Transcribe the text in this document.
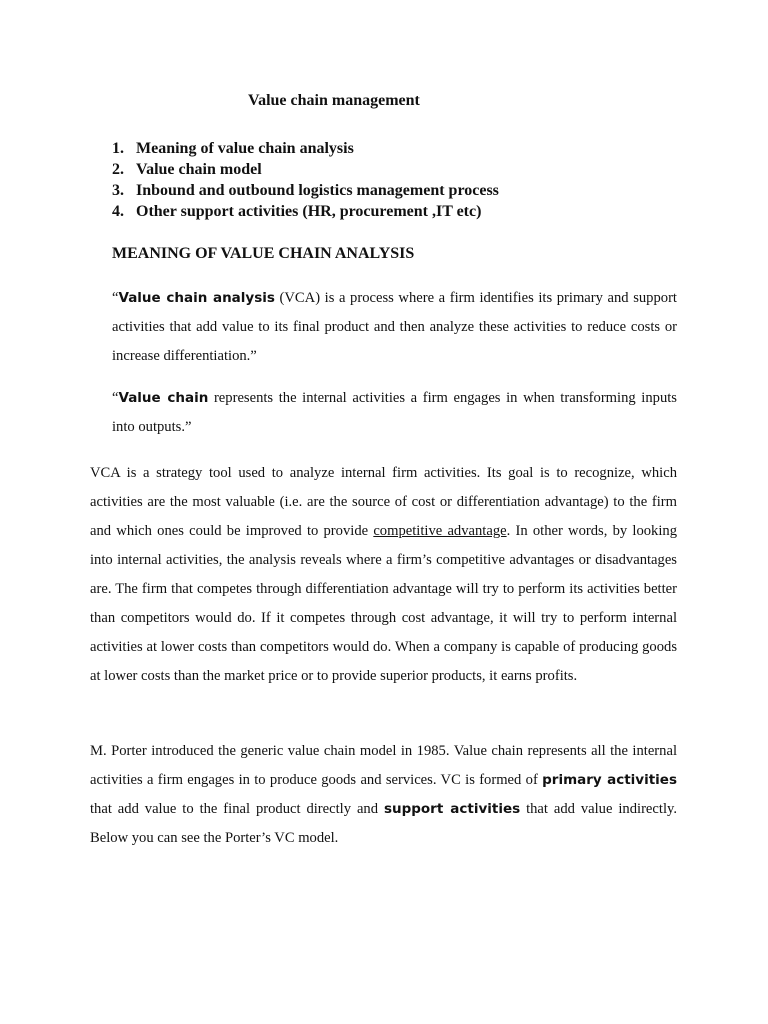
Value chain management
1. Meaning of value chain analysis
2. Value chain model
3. Inbound and outbound logistics management process
4. Other support activities (HR, procurement ,IT etc)
MEANING OF VALUE CHAIN ANALYSIS

“Value chain analysis (VCA) is a process where a firm identifies its primary and support activities that add value to its final product and then analyze these activities to reduce costs or increase differentiation.”

“Value chain represents the internal activities a firm engages in when transforming inputs into outputs.”

VCA is a strategy tool used to analyze internal firm activities. Its goal is to recognize, which activities are the most valuable (i.e. are the source of cost or differentiation advantage) to the firm and which ones could be improved to provide competitive advantage. In other words, by looking into internal activities, the analysis reveals where a firm’s competitive advantages or disadvantages are. The firm that competes through differentiation advantage will try to perform its activities better than competitors would do. If it competes through cost advantage, it will try to perform internal activities at lower costs than competitors would do. When a company is capable of producing goods at lower costs than the market price or to provide superior products, it earns profits.

M. Porter introduced the generic value chain model in 1985. Value chain represents all the internal activities a firm engages in to produce goods and services. VC is formed of primary activities that add value to the final product directly and support activities that add value indirectly. Below you can see the Porter’s VC model.
